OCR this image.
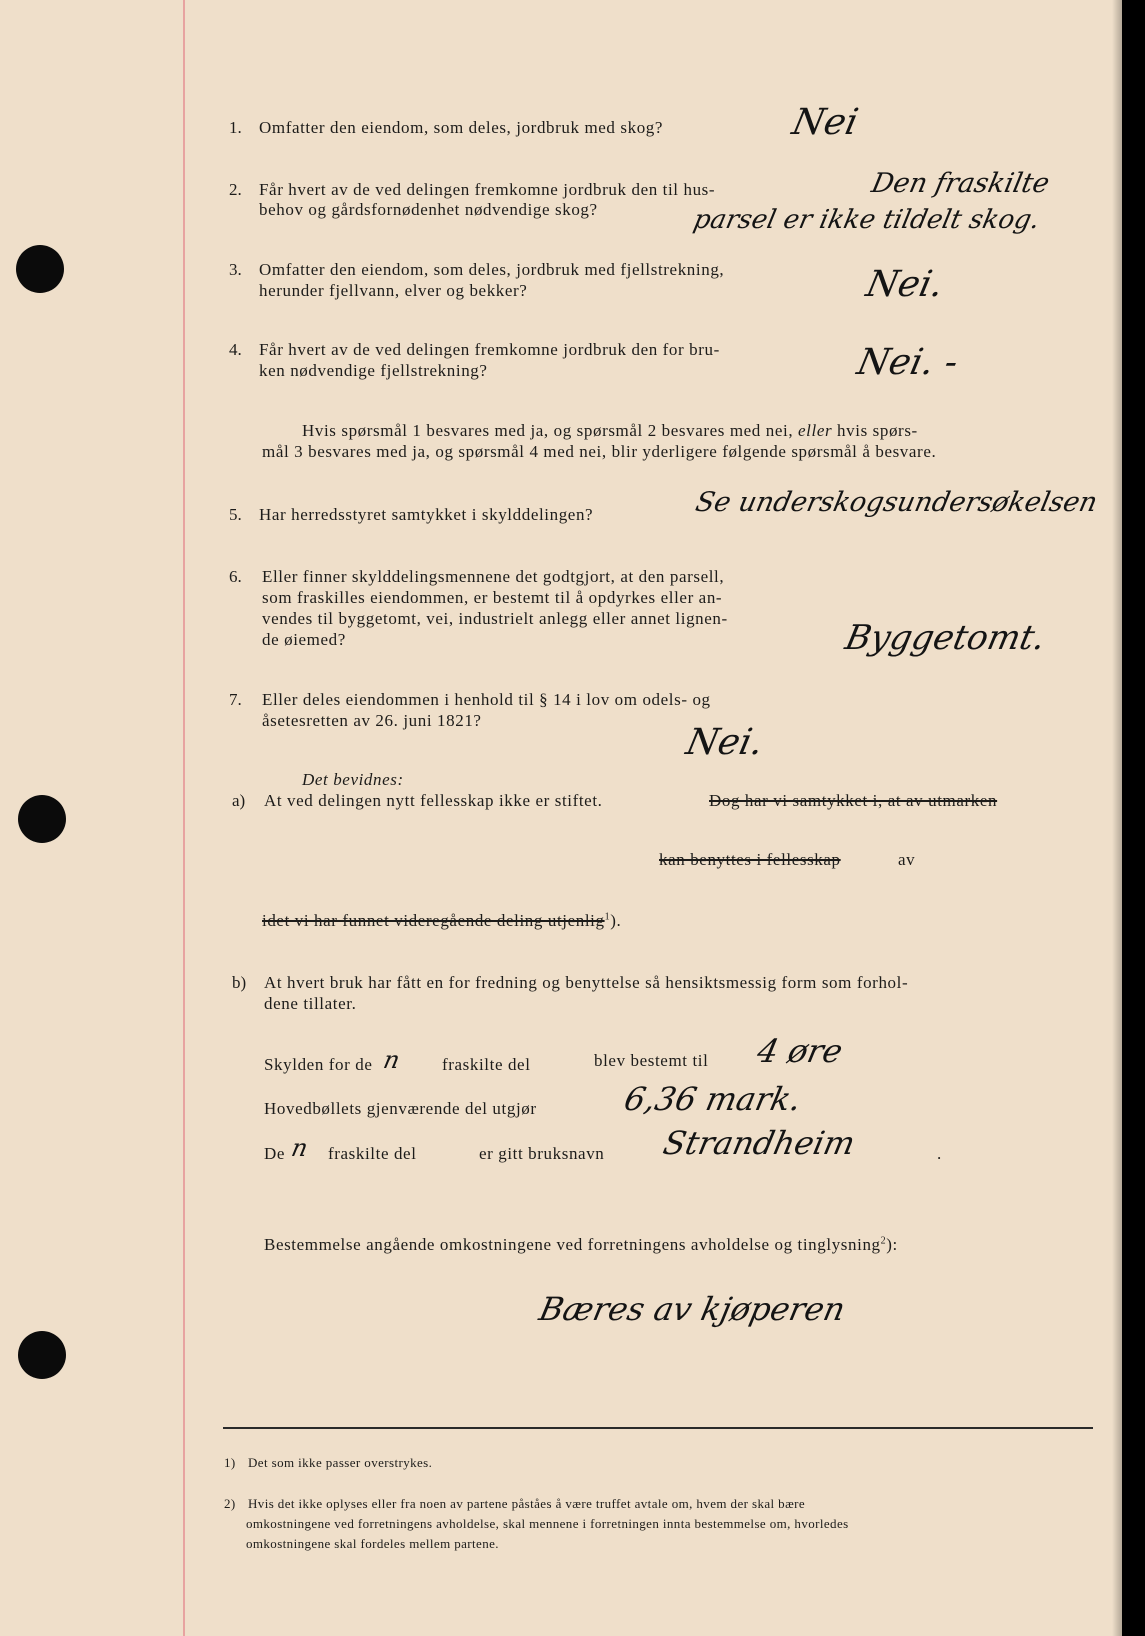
1. Omfatter den eiendom, som deles, jordbruk med skog?	Nei
2. Får hvert av de ved delingen fremkomne jordbruk den til hus-
behov og gårdsfornødenhet nødvendige skog?
Den fraskilte
parsel er ikke tildelt skog.
3. Omfatter den eiendom, som deles, jordbruk med fjellstrekning,
herunder fjellvann, elver og bekker?	Nei.
4. Får hvert av de ved delingen fremkomne jordbruk den for bru-
ken nødvendige fjellstrekning?	Nei. -
Hvis spørsmål 1 besvares med ja, og spørsmål 2 besvares med nei, eller hvis spørs-
mål 3 besvares med ja, og spørsmål 4 med nei, blir yderligere følgende spørsmål å besvare.
5. Har herredsstyret samtykket i skylddelingen?	Se underskogsundersøkelsen
6. Eller finner skylddelingsmennene det godtgjort, at den parsell,
som fraskilles eiendommen, er bestemt til å opdyrkes eller an-
vendes til byggetomt, vei, industrielt anlegg eller annet lignen-
de øiemed?	Byggetomt.
7. Eller deles eiendommen i henhold til § 14 i lov om odels- og
åsetesretten av 26. juni 1821?
Nei.
Det bevidnes:
a) At ved delingen nytt fellesskap ikke er stiftet.	Dog har vi samtykket i, at av utmarken
kan benyttes i fellesskap	av
idet vi har funnet videregående deling utjenlig$^1$).
b) At hvert bruk har fått en for fredning og benyttelse så hensiktsmessig form som forhol-
dene tillater.
Skylden for de n fraskilte del	blev bestemt til 4 øre
Hovedbøllets gjenværende del utgjør	6,36 mark.
De n fraskilte del	er gitt bruksnavn Strandheim	.
Bestemmelse angående omkostningene ved forretningens avholdelse og tinglysning$^2$):
Bæres av kjøperen
1) Det som ikke passer overstrykes.
2) Hvis det ikke oplyses eller fra noen av partene påståes å være truffet avtale om, hvem der skal bære
omkostningene ved forretningens avholdelse, skal mennene i forretningen innta bestemmelse om, hvorledes
omkostningene skal fordeles mellem partene.
